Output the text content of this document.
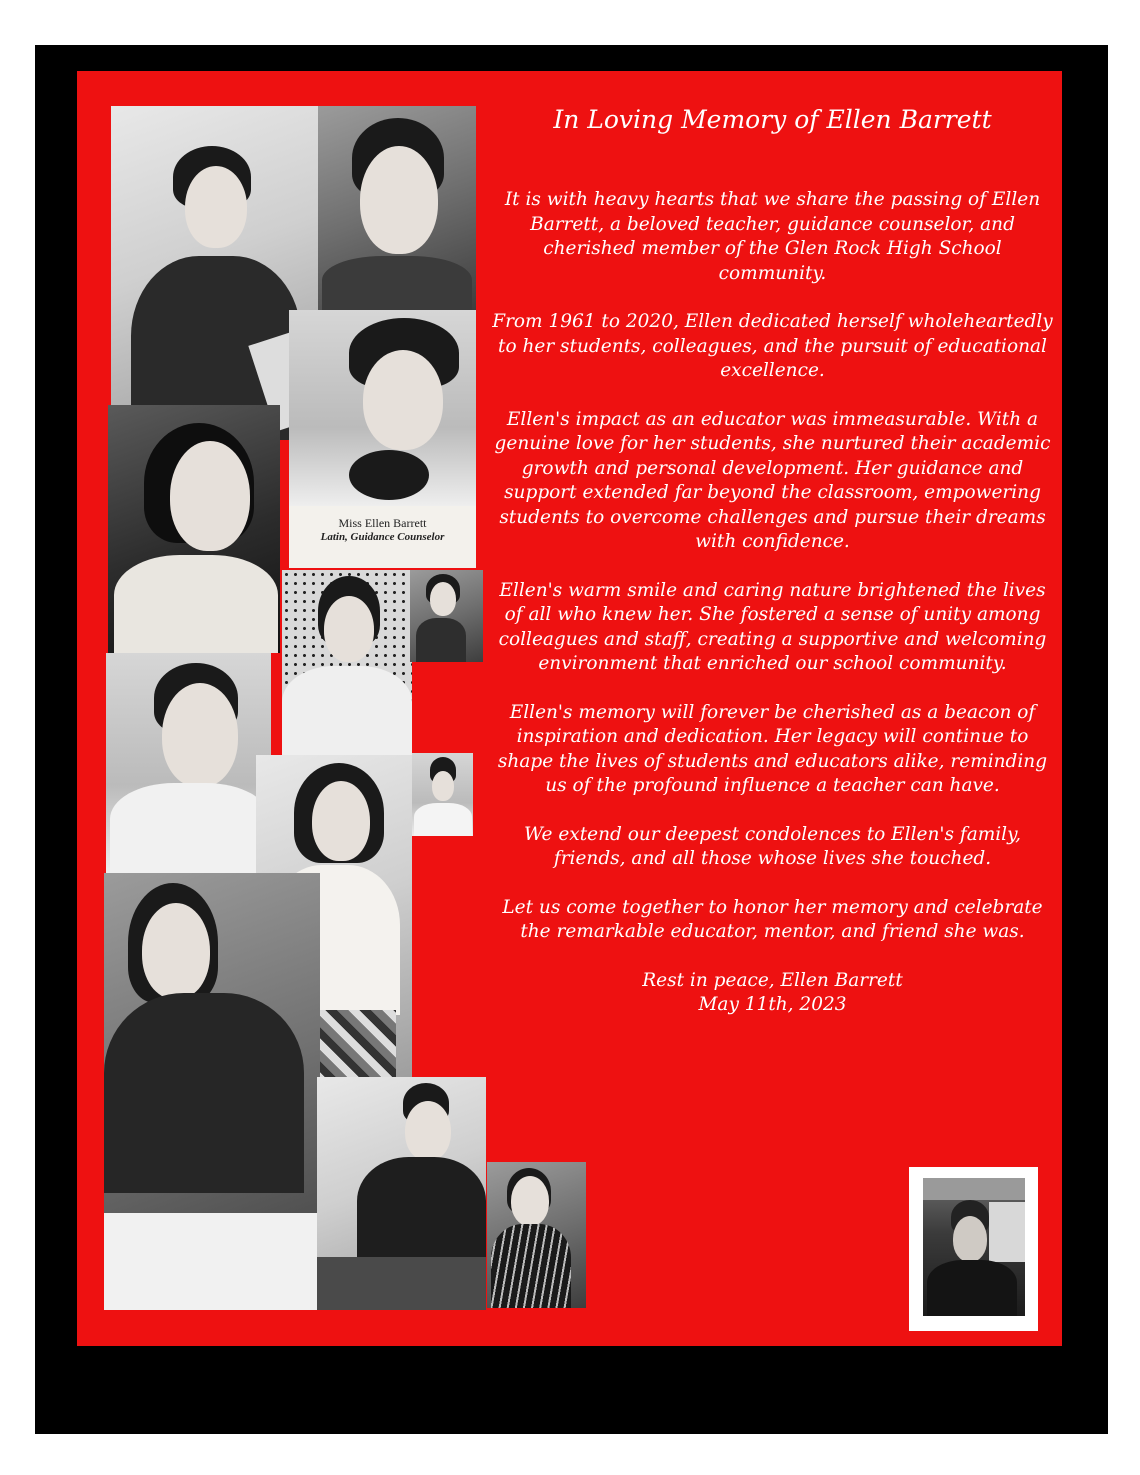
Miss Ellen Barrett
Latin, Guidance Counselor
In Loving Memory of Ellen Barrett

It is with heavy hearts that we share the passing of Ellen Barrett, a beloved teacher, guidance counselor, and cherished member of the Glen Rock High School community.

From 1961 to 2020, Ellen dedicated herself wholeheartedly to her students, colleagues, and the pursuit of educational excellence.

Ellen's impact as an educator was immeasurable. With a genuine love for her students, she nurtured their academic growth and personal development. Her guidance and support extended far beyond the classroom, empowering students to overcome challenges and pursue their dreams with confidence.

Ellen's warm smile and caring nature brightened the lives of all who knew her. She fostered a sense of unity among colleagues and staff, creating a supportive and welcoming environment that enriched our school community.

Ellen's memory will forever be cherished as a beacon of inspiration and dedication. Her legacy will continue to shape the lives of students and educators alike, reminding us of the profound influence a teacher can have.

We extend our deepest condolences to Ellen's family, friends, and all those whose lives she touched.

Let us come together to honor her memory and celebrate the remarkable educator, mentor, and friend she was.

Rest in peace, Ellen Barrett

May 11th, 2023
